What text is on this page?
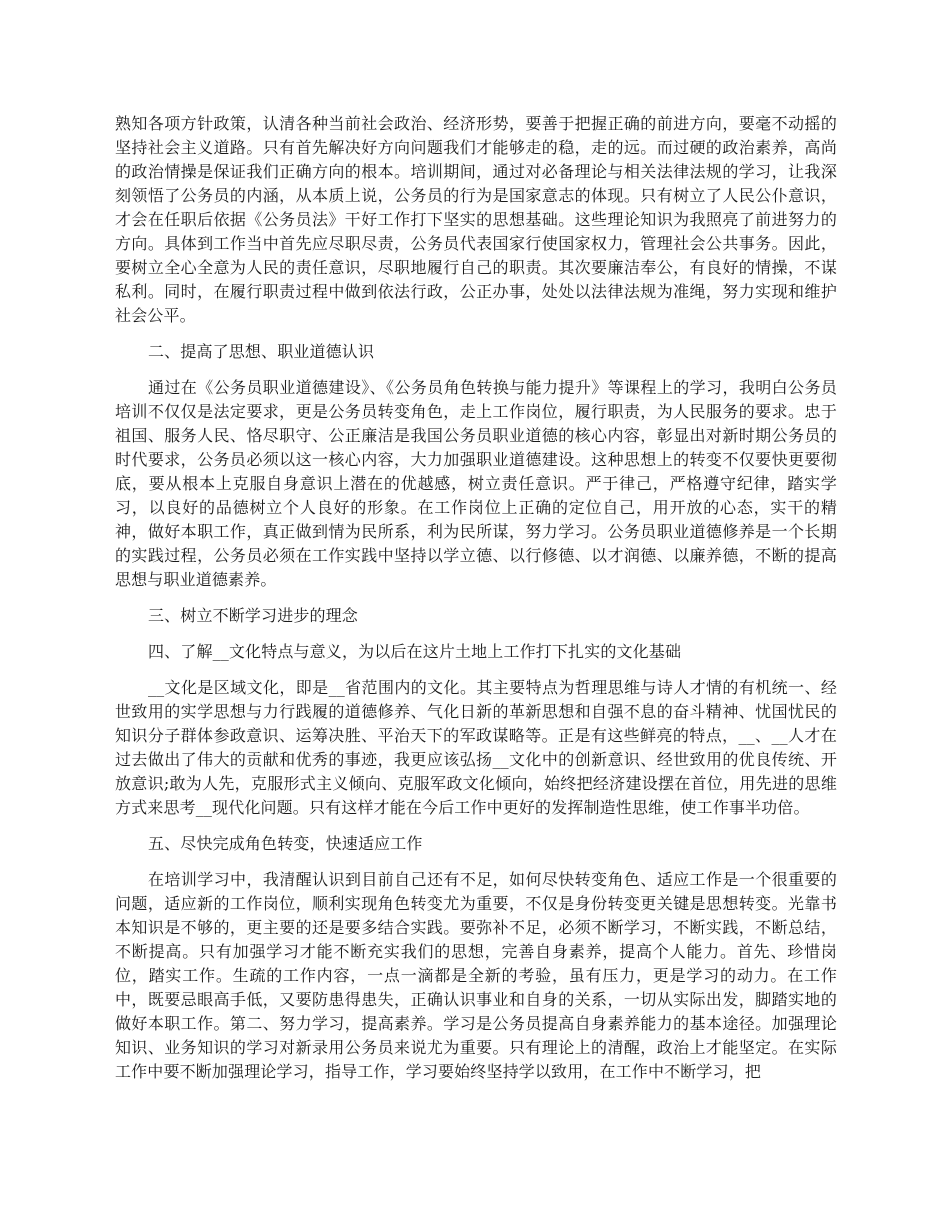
熟知各项方针政策，认清各种当前社会政治、经济形势，要善于把握正确的前进方向，要毫不动摇的坚持社会主义道路。只有首先解决好方向问题我们才能够走的稳，走的远。而过硬的政治素养，高尚的政治情操是保证我们正确方向的根本。培训期间，通过对必备理论与相关法律法规的学习，让我深刻领悟了公务员的内涵，从本质上说，公务员的行为是国家意志的体现。只有树立了人民公仆意识，才会在任职后依据《公务员法》干好工作打下坚实的思想基础。这些理论知识为我照亮了前进努力的方向。具体到工作当中首先应尽职尽责，公务员代表国家行使国家权力，管理社会公共事务。因此，要树立全心全意为人民的责任意识，尽职地履行自己的职责。其次要廉洁奉公，有良好的情操，不谋私利。同时，在履行职责过程中做到依法行政，公正办事，处处以法律法规为准绳，努力实现和维护社会公平。

二、提高了思想、职业道德认识

通过在《公务员职业道德建设》、《公务员角色转换与能力提升》等课程上的学习，我明白公务员培训不仅仅是法定要求，更是公务员转变角色，走上工作岗位，履行职责，为人民服务的要求。忠于祖国、服务人民、恪尽职守、公正廉洁是我国公务员职业道德的核心内容，彰显出对新时期公务员的时代要求，公务员必须以这一核心内容，大力加强职业道德建设。这种思想上的转变不仅要快更要彻底，要从根本上克服自身意识上潜在的优越感，树立责任意识。严于律己，严格遵守纪律，踏实学习，以良好的品德树立个人良好的形象。在工作岗位上正确的定位自己，用开放的心态，实干的精神，做好本职工作，真正做到情为民所系，利为民所谋，努力学习。公务员职业道德修养是一个长期的实践过程，公务员必须在工作实践中坚持以学立德、以行修德、以才润德、以廉养德，不断的提高思想与职业道德素养。

三、树立不断学习进步的理念

四、了解__文化特点与意义，为以后在这片土地上工作打下扎实的文化基础

__文化是区域文化，即是__省范围内的文化。其主要特点为哲理思维与诗人才情的有机统一、经世致用的实学思想与力行践履的道德修养、气化日新的革新思想和自强不息的奋斗精神、忧国忧民的知识分子群体参政意识、运筹决胜、平治天下的军政谋略等。正是有这些鲜亮的特点，__、__人才在过去做出了伟大的贡献和优秀的事迹，我更应该弘扬__文化中的创新意识、经世致用的优良传统、开放意识;敢为人先，克服形式主义倾向、克服军政文化倾向，始终把经济建设摆在首位，用先进的思维方式来思考__现代化问题。只有这样才能在今后工作中更好的发挥制造性思维，使工作事半功倍。

五、尽快完成角色转变，快速适应工作

在培训学习中，我清醒认识到目前自己还有不足，如何尽快转变角色、适应工作是一个很重要的问题，适应新的工作岗位，顺利实现角色转变尤为重要，不仅是身份转变更关键是思想转变。光靠书本知识是不够的，更主要的还是要多结合实践。要弥补不足，必须不断学习，不断实践，不断总结，不断提高。只有加强学习才能不断充实我们的思想，完善自身素养，提高个人能力。首先、珍惜岗位，踏实工作。生疏的工作内容，一点一滴都是全新的考验，虽有压力，更是学习的动力。在工作中，既要忌眼高手低，又要防患得患失，正确认识事业和自身的关系，一切从实际出发，脚踏实地的做好本职工作。第二、努力学习，提高素养。学习是公务员提高自身素养能力的基本途径。加强理论知识、业务知识的学习对新录用公务员来说尤为重要。只有理论上的清醒，政治上才能坚定。在实际工作中要不断加强理论学习，指导工作，学习要始终坚持学以致用，在工作中不断学习，把
